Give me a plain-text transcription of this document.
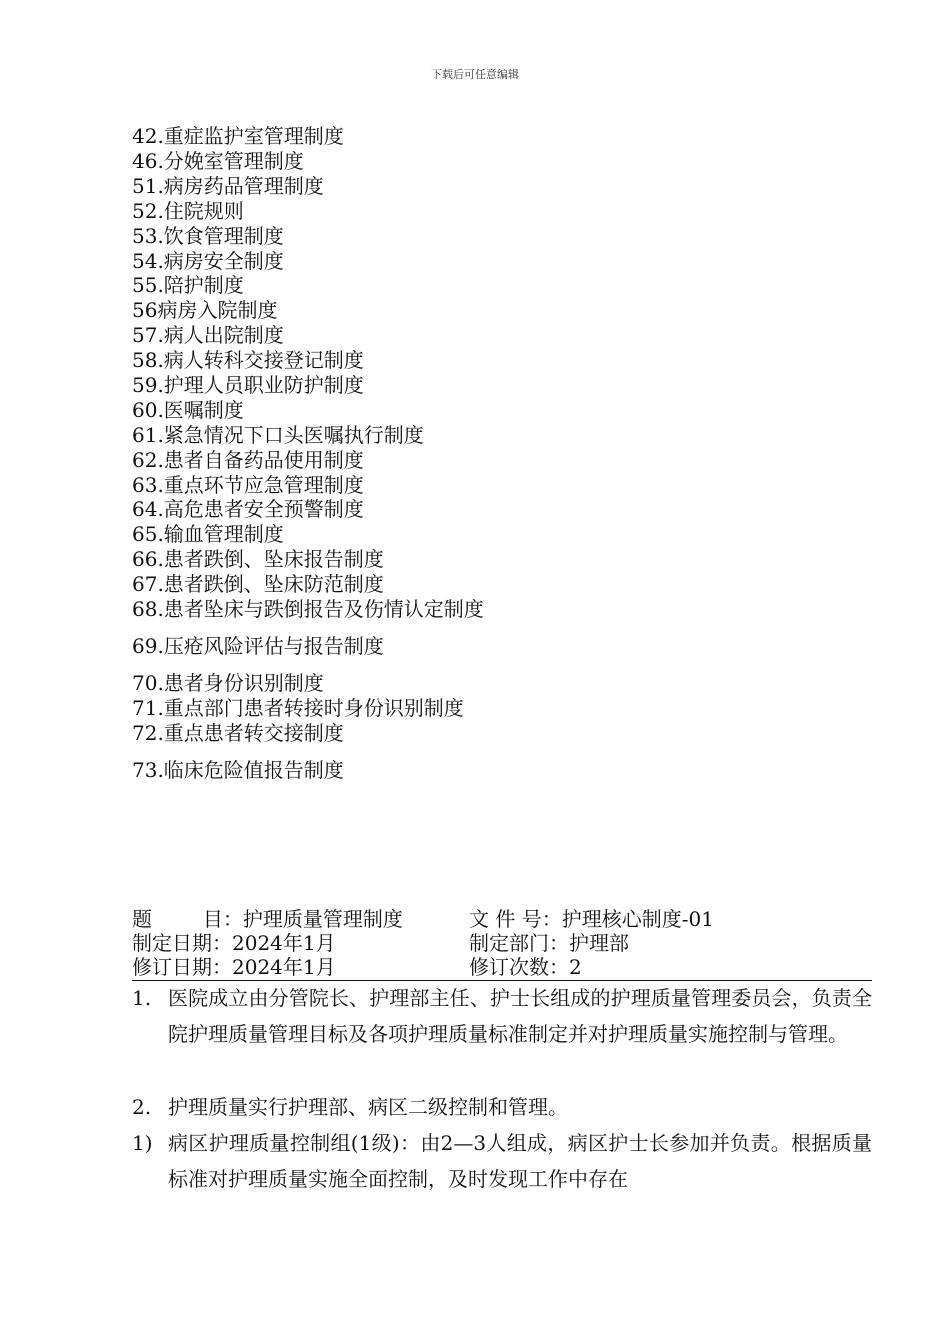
下载后可任意编辑
42.重症监护室管理制度
46.分娩室管理制度
51.病房药品管理制度
52.住院规则
53.饮食管理制度
54.病房安全制度
55.陪护制度
56病房入院制度
57.病人出院制度
58.病人转科交接登记制度
59.护理人员职业防护制度
60.医嘱制度
61.紧急情况下口头医嘱执行制度
62.患者自备药品使用制度
63.重点环节应急管理制度
64.高危患者安全预警制度
65.输血管理制度
66.患者跌倒、坠床报告制度
67.患者跌倒、坠床防范制度
68.患者坠床与跌倒报告及伤情认定制度
69.压疮风险评估与报告制度
70.患者身份识别制度
71.重点部门患者转接时身份识别制度
72.重点患者转交接制度
73.临床危险值报告制度
题        目：护理质量管理制度	文 件 号：护理核心制度-01
制定日期：2024年1月	制定部门：护理部
修订日期：2024年1月	修订次数：2
1. 医院成立由分管院长、护理部主任、护士长组成的护理质量管理委员会，负责全院护理质量管理目标及各项护理质量标准制定并对护理质量实施控制与管理。
2. 护理质量实行护理部、病区二级控制和管理。
1) 病区护理质量控制组(1级)：由2—3人组成，病区护士长参加并负责。根据质量标准对护理质量实施全面控制，及时发现工作中存在
